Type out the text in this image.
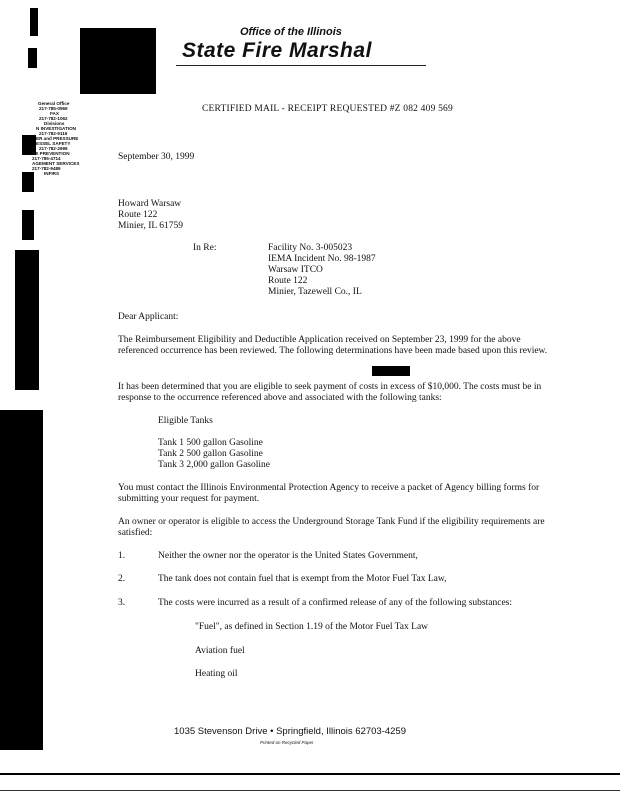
Office of the Illinois
State Fire Marshal
General Office
217-785-0969
FAX
217-782-1062
Divisions
N INVESTIGATION
217-782-9116
ER and PRESSURE
ESSEL SAFETY
217-782-2696
RE PREVENTION
217-785-4714
AGEMENT SERVICES
217-782-9489
INFIRS
CERTIFIED MAIL - RECEIPT REQUESTED #Z 082 409 569
September 30, 1999
Howard Warsaw
Route 122
Minier, IL 61759
In Re:	Facility No. 3-005023
IEMA Incident No. 98-1987
Warsaw ITCO
Route 122
Minier, Tazewell Co., IL
Dear Applicant:
The Reimbursement Eligibility and Deductible Application received on September 23, 1999 for the above referenced occurrence has been reviewed. The following determinations have been made based upon this review.
It has been determined that you are eligible to seek payment of costs in excess of $10,000. The costs must be in response to the occurrence referenced above and associated with the following tanks:
Eligible Tanks
Tank 1 500 gallon Gasoline
Tank 2 500 gallon Gasoline
Tank 3 2,000 gallon Gasoline
You must contact the Illinois Environmental Protection Agency to receive a packet of Agency billing forms for submitting your request for payment.
An owner or operator is eligible to access the Underground Storage Tank Fund if the eligibility requirements are satisfied:
1.	Neither the owner nor the operator is the United States Government,
2.	The tank does not contain fuel that is exempt from the Motor Fuel Tax Law,
3.	The costs were incurred as a result of a confirmed release of any of the following substances:
"Fuel", as defined in Section 1.19 of the Motor Fuel Tax Law
Aviation fuel
Heating oil
1035 Stevenson Drive • Springfield, Illinois 62703-4259
Printed on Recycled Paper
